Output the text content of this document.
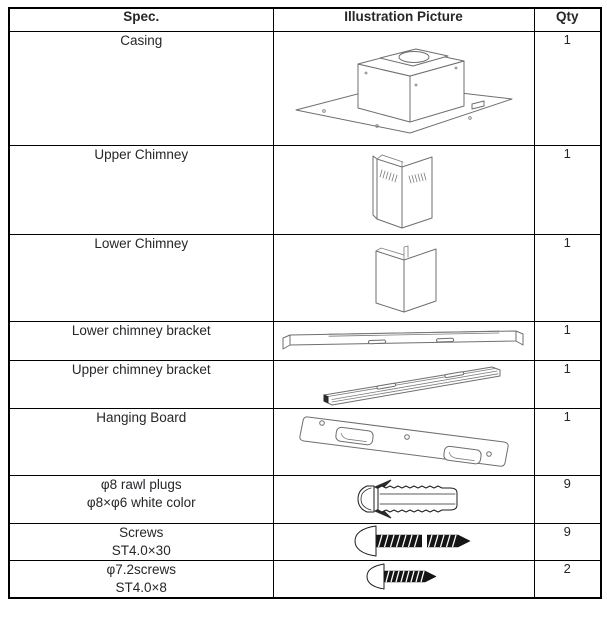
Spec.	Illustration Picture	Qty

Casing		1

Upper Chimney		1

Lower Chimney		1

Lower chimney bracket		1

Upper chimney bracket		1

Hanging Board		1

φ8 rawl plugs
φ8×φ6 white color		9

Screws
ST4.0×30		9

φ7.2screws
ST4.0×8		2
